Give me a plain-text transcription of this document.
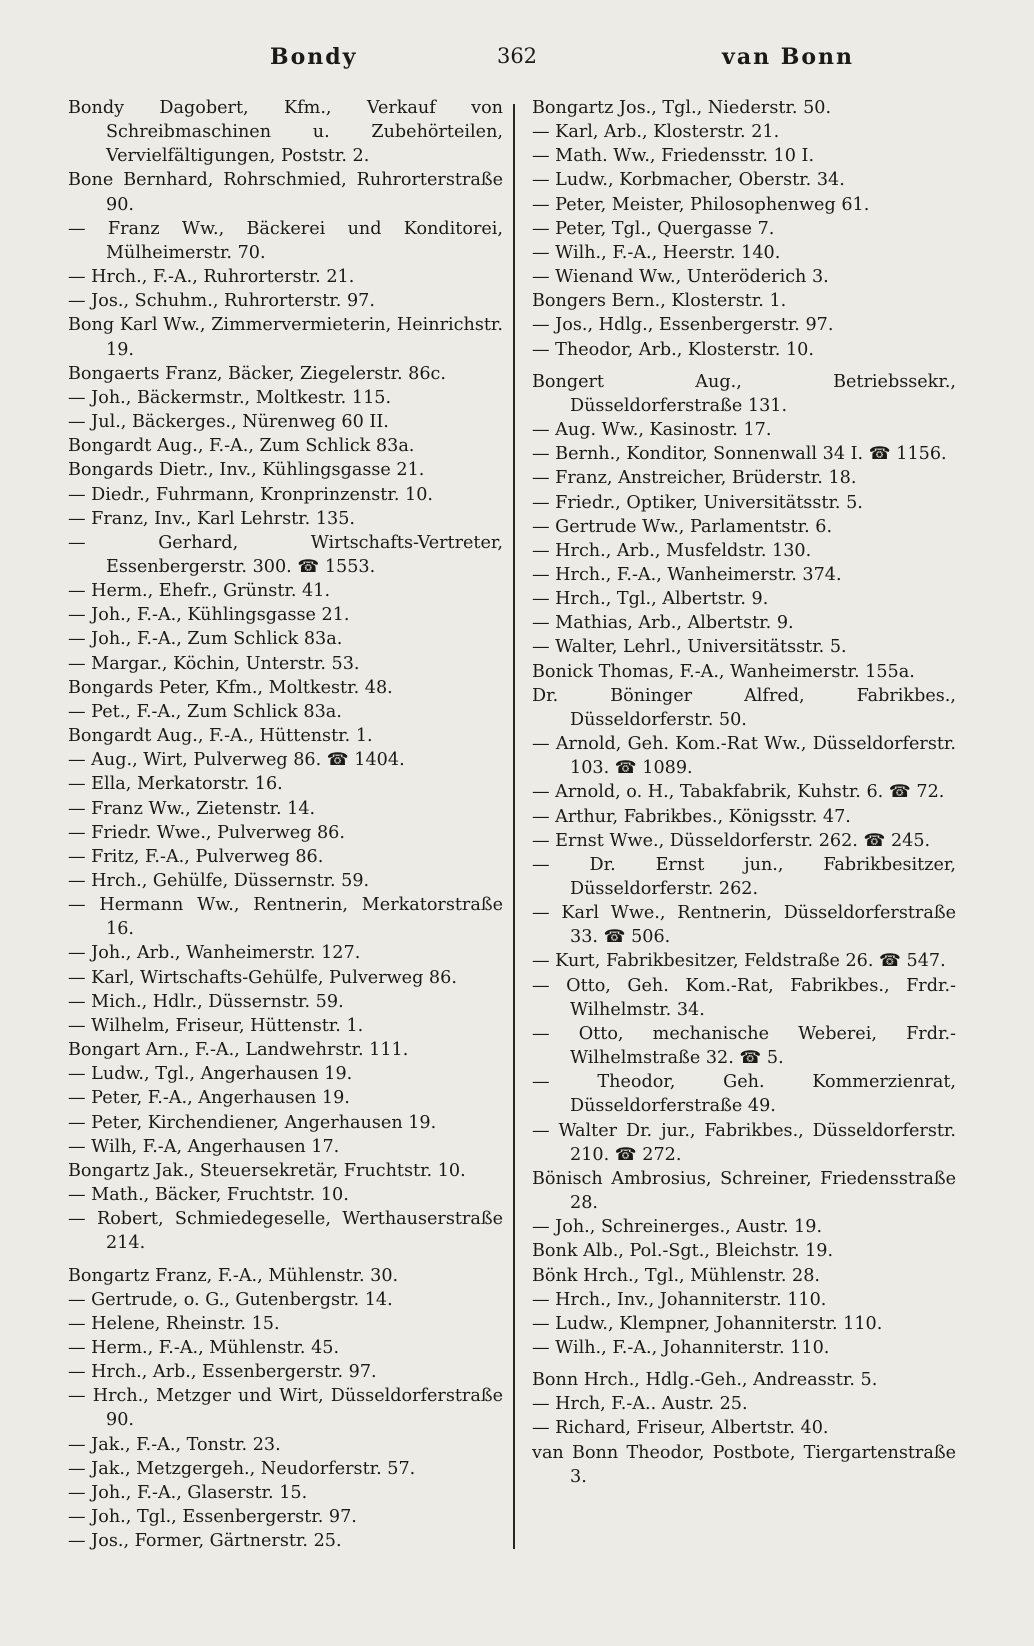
Bondy	362	van Bonn
Bondy Dagobert, Kfm., Verkauf von Schreibmaschinen u. Zubehörteilen, Vervielfältigungen, Poststr. 2.
Bone Bernhard, Rohrschmied, Ruhrorterstraße 90.
— Franz Ww., Bäckerei und Konditorei, Mülheimerstr. 70.
— Hrch., F.-A., Ruhrorterstr. 21.
— Jos., Schuhm., Ruhrorterstr. 97.
Bong Karl Ww., Zimmervermieterin, Heinrichstr. 19.
Bongaerts Franz, Bäcker, Ziegelerstr. 86c.
— Joh., Bäckermstr., Moltkestr. 115.
— Jul., Bäckerges., Nürenweg 60 II.
Bongardt Aug., F.-A., Zum Schlick 83a.
Bongards Dietr., Inv., Kühlingsgasse 21.
— Diedr., Fuhrmann, Kronprinzenstr. 10.
— Franz, Inv., Karl Lehrstr. 135.
— Gerhard, Wirtschafts-Vertreter, Essenbergerstr. 300. ☎ 1553.
— Herm., Ehefr., Grünstr. 41.
— Joh., F.-A., Kühlingsgasse 21.
— Joh., F.-A., Zum Schlick 83a.
— Margar., Köchin, Unterstr. 53.
Bongards Peter, Kfm., Moltkestr. 48.
— Pet., F.-A., Zum Schlick 83a.
Bongardt Aug., F.-A., Hüttenstr. 1.
— Aug., Wirt, Pulverweg 86. ☎ 1404.
— Ella, Merkatorstr. 16.
— Franz Ww., Zietenstr. 14.
— Friedr. Wwe., Pulverweg 86.
— Fritz, F.-A., Pulverweg 86.
— Hrch., Gehülfe, Düssernstr. 59.
— Hermann Ww., Rentnerin, Merkatorstraße 16.
— Joh., Arb., Wanheimerstr. 127.
— Karl, Wirtschafts-Gehülfe, Pulverweg 86.
— Mich., Hdlr., Düssernstr. 59.
— Wilhelm, Friseur, Hüttenstr. 1.
Bongart Arn., F.-A., Landwehrstr. 111.
— Ludw., Tgl., Angerhausen 19.
— Peter, F.-A., Angerhausen 19.
— Peter, Kirchendiener, Angerhausen 19.
— Wilh, F.-A, Angerhausen 17.
Bongartz Jak., Steuersekretär, Fruchtstr. 10.
— Math., Bäcker, Fruchtstr. 10.
— Robert, Schmiedegeselle, Werthauserstraße 214.
Bongartz Franz, F.-A., Mühlenstr. 30.
— Gertrude, o. G., Gutenbergstr. 14.
— Helene, Rheinstr. 15.
— Herm., F.-A., Mühlenstr. 45.
— Hrch., Arb., Essenbergerstr. 97.
— Hrch., Metzger und Wirt, Düsseldorferstraße 90.
— Jak., F.-A., Tonstr. 23.
— Jak., Metzgergeh., Neudorferstr. 57.
— Joh., F.-A., Glaserstr. 15.
— Joh., Tgl., Essenbergerstr. 97.
— Jos., Former, Gärtnerstr. 25.
Bongartz Jos., Tgl., Niederstr. 50.
— Karl, Arb., Klosterstr. 21.
— Math. Ww., Friedensstr. 10 I.
— Ludw., Korbmacher, Oberstr. 34.
— Peter, Meister, Philosophenweg 61.
— Peter, Tgl., Quergasse 7.
— Wilh., F.-A., Heerstr. 140.
— Wienand Ww., Unteröderich 3.
Bongers Bern., Klosterstr. 1.
— Jos., Hdlg., Essenbergerstr. 97.
— Theodor, Arb., Klosterstr. 10.
Bongert Aug., Betriebssekr., Düsseldorferstraße 131.
— Aug. Ww., Kasinostr. 17.
— Bernh., Konditor, Sonnenwall 34 I. ☎ 1156.
— Franz, Anstreicher, Brüderstr. 18.
— Friedr., Optiker, Universitätsstr. 5.
— Gertrude Ww., Parlamentstr. 6.
— Hrch., Arb., Musfeldstr. 130.
— Hrch., F.-A., Wanheimerstr. 374.
— Hrch., Tgl., Albertstr. 9.
— Mathias, Arb., Albertstr. 9.
— Walter, Lehrl., Universitätsstr. 5.
Bonick Thomas, F.-A., Wanheimerstr. 155a.
Dr. Böninger Alfred, Fabrikbes., Düsseldorferstr. 50.
— Arnold, Geh. Kom.-Rat Ww., Düsseldorferstr. 103. ☎ 1089.
— Arnold, o. H., Tabakfabrik, Kuhstr. 6. ☎ 72.
— Arthur, Fabrikbes., Königsstr. 47.
— Ernst Wwe., Düsseldorferstr. 262. ☎ 245.
— Dr. Ernst jun., Fabrikbesitzer, Düsseldorferstr. 262.
— Karl Wwe., Rentnerin, Düsseldorferstraße 33. ☎ 506.
— Kurt, Fabrikbesitzer, Feldstraße 26. ☎ 547.
— Otto, Geh. Kom.-Rat, Fabrikbes., Frdr.-Wilhelmstr. 34.
— Otto, mechanische Weberei, Frdr.-Wilhelmstraße 32. ☎ 5.
— Theodor, Geh. Kommerzienrat, Düsseldorferstraße 49.
— Walter Dr. jur., Fabrikbes., Düsseldorferstr. 210. ☎ 272.
Bönisch Ambrosius, Schreiner, Friedensstraße 28.
— Joh., Schreinerges., Austr. 19.
Bonk Alb., Pol.-Sgt., Bleichstr. 19.
Bönk Hrch., Tgl., Mühlenstr. 28.
— Hrch., Inv., Johanniterstr. 110.
— Ludw., Klempner, Johanniterstr. 110.
— Wilh., F.-A., Johanniterstr. 110.
Bonn Hrch., Hdlg.-Geh., Andreasstr. 5.
— Hrch, F.-A.. Austr. 25.
— Richard, Friseur, Albertstr. 40.
van Bonn Theodor, Postbote, Tiergartenstraße 3.
